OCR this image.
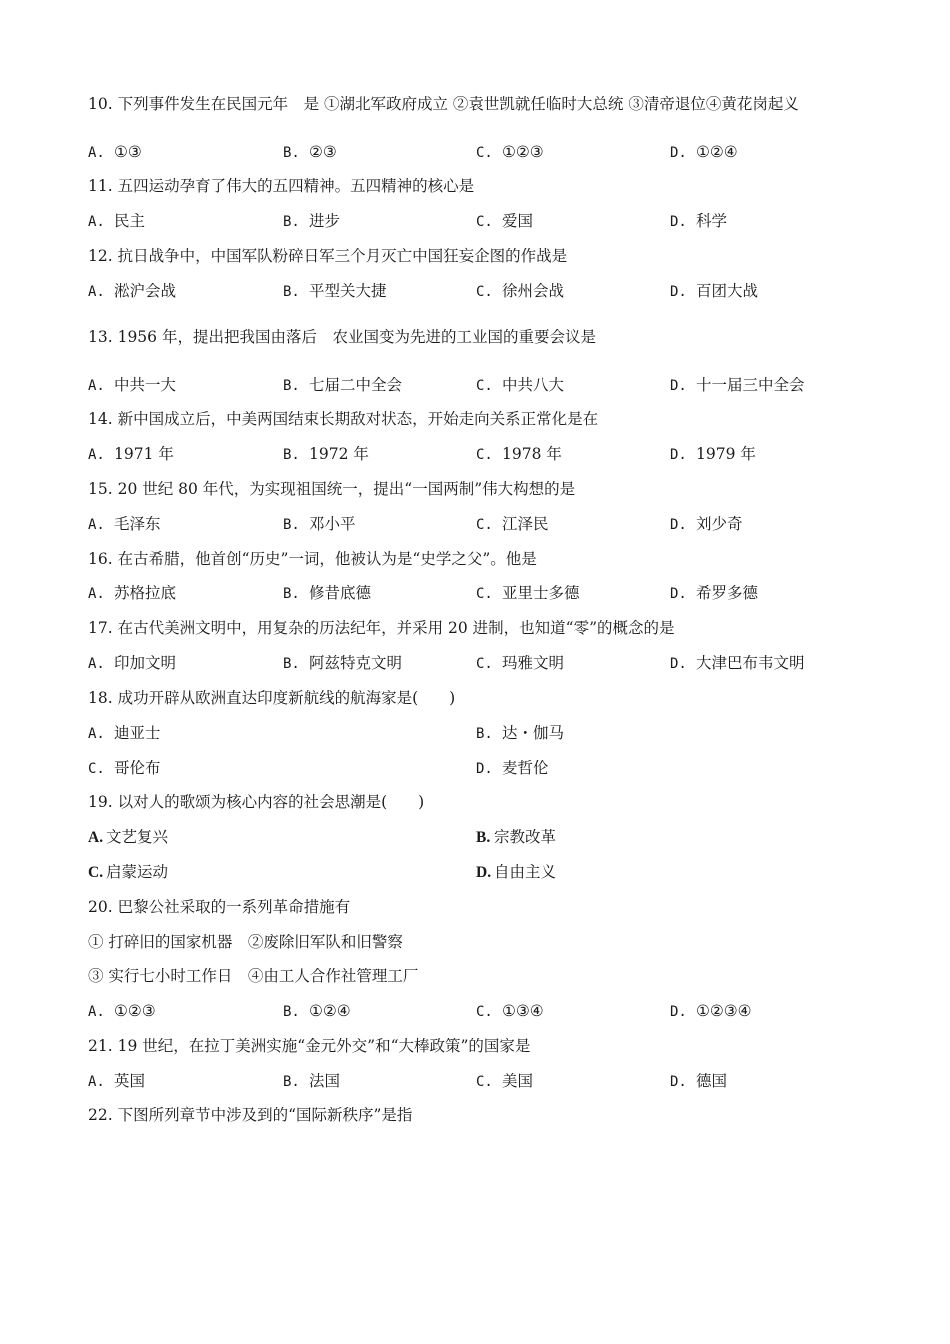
10. 下列事件发生在民国元年　是 ①湖北军政府成立 ②袁世凯就任临时大总统 ③清帝退位④黄花岗起义
A. ①③	B. ②③	C. ①②③	D. ①②④
11. 五四运动孕育了伟大的五四精神。五四精神的核心是
A. 民主	B. 进步	C. 爱国	D. 科学
12. 抗日战争中，中国军队粉碎日军三个月灭亡中国狂妄企图的作战是
A. 淞沪会战	B. 平型关大捷	C. 徐州会战	D. 百团大战
13. 1956 年，提出把我国由落后　农业国变为先进的工业国的重要会议是
A. 中共一大	B. 七届二中全会	C. 中共八大	D. 十一届三中全会
14. 新中国成立后，中美两国结束长期敌对状态，开始走向关系正常化是在
A. 1971 年	B. 1972 年	C. 1978 年	D. 1979 年
15. 20 世纪 80 年代，为实现祖国统一，提出“一国两制”伟大构想的是
A. 毛泽东	B. 邓小平	C. 江泽民	D. 刘少奇
16. 在古希腊，他首创“历史”一词，他被认为是“史学之父”。他是
A. 苏格拉底	B. 修昔底德	C. 亚里士多德	D. 希罗多德
17. 在古代美洲文明中，用复杂的历法纪年，并采用 20 进制，也知道“零”的概念的是
A. 印加文明	B. 阿兹特克文明	C. 玛雅文明	D. 大津巴布韦文明
18. 成功开辟从欧洲直达印度新航线的航海家是(　　)
A. 迪亚士	B. 达・伽马
C. 哥伦布	D. 麦哲伦
19. 以对人的歌颂为核心内容的社会思潮是(　　)
A. 文艺复兴	B. 宗教改革
C. 启蒙运动	D. 自由主义
20. 巴黎公社采取的一系列革命措施有
① 打碎旧的国家机器　②废除旧军队和旧警察
③ 实行七小时工作日　④由工人合作社管理工厂
A. ①②③	B. ①②④	C. ①③④	D. ①②③④
21. 19 世纪，在拉丁美洲实施“金元外交”和“大棒政策”的国家是
A. 英国	B. 法国	C. 美国	D. 德国
22. 下图所列章节中涉及到的“国际新秩序”是指
